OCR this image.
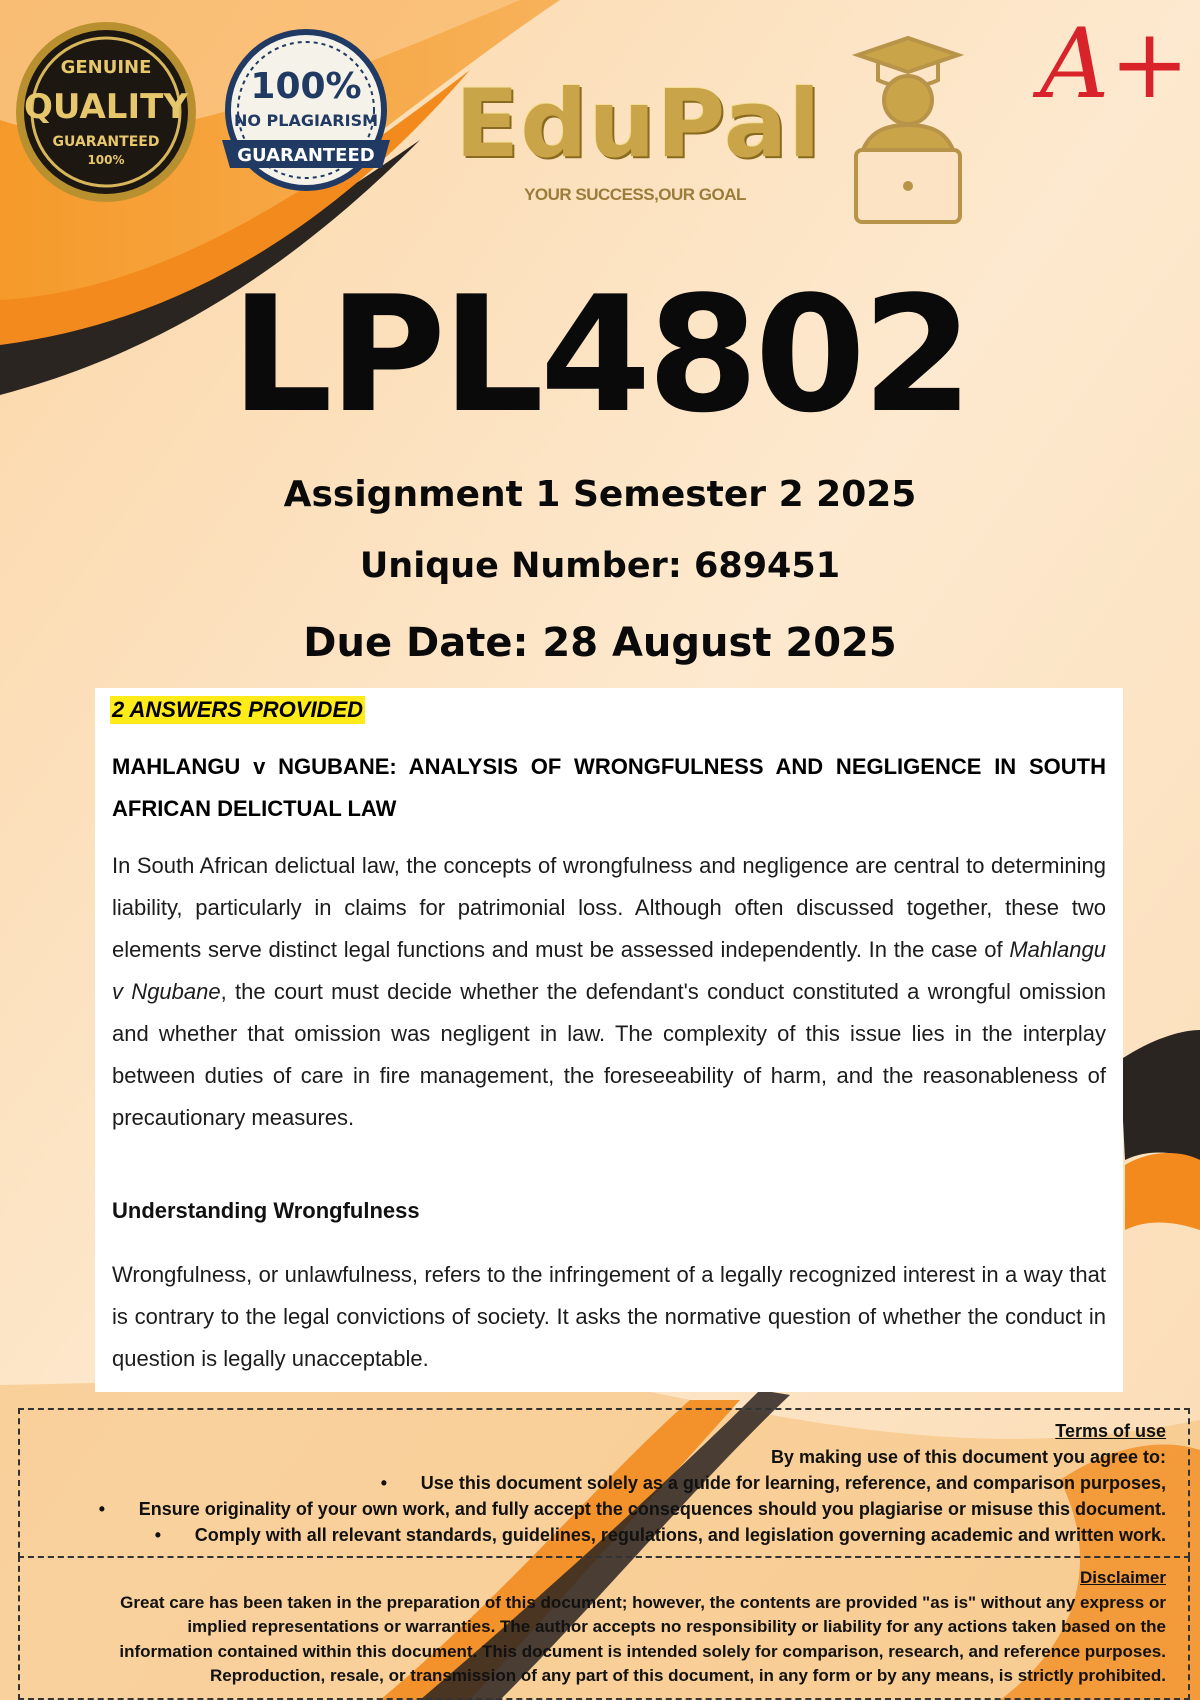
GENUINE
QUALITY
GUARANTEED
100%
100%
NO PLAGIARISM
GUARANTEED EduPal
YOUR SUCCESS,OUR GOAL
A+
LPL4802
Assignment 1 Semester 2 2025
Unique Number: 689451
Due Date: 28 August 2025
2 ANSWERS PROVIDED
MAHLANGU v NGUBANE: ANALYSIS OF WRONGFULNESS AND NEGLIGENCE IN SOUTH AFRICAN DELICTUAL LAW

In South African delictual law, the concepts of wrongfulness and negligence are central to determining liability, particularly in claims for patrimonial loss. Although often discussed together, these two elements serve distinct legal functions and must be assessed independently. In the case of Mahlangu v Ngubane, the court must decide whether the defendant's conduct constituted a wrongful omission and whether that omission was negligent in law. The complexity of this issue lies in the interplay between duties of care in fire management, the foreseeability of harm, and the reasonableness of precautionary measures.

Understanding Wrongfulness

Wrongfulness, or unlawfulness, refers to the infringement of a legally recognized interest in a way that is contrary to the legal convictions of society. It asks the normative question of whether the conduct in question is legally unacceptable.

Terms of use
By making use of this document you agree to:
• Use this document solely as a guide for learning, reference, and comparison purposes,
• Ensure originality of your own work, and fully accept the consequences should you plagiarise or misuse this document.
• Comply with all relevant standards, guidelines, regulations, and legislation governing academic and written work.
Disclaimer
Great care has been taken in the preparation of this document; however, the contents are provided "as is" without any express or
implied representations or warranties. The author accepts no responsibility or liability for any actions taken based on the
information contained within this document. This document is intended solely for comparison, research, and reference purposes.
Reproduction, resale, or transmission of any part of this document, in any form or by any means, is strictly prohibited.
